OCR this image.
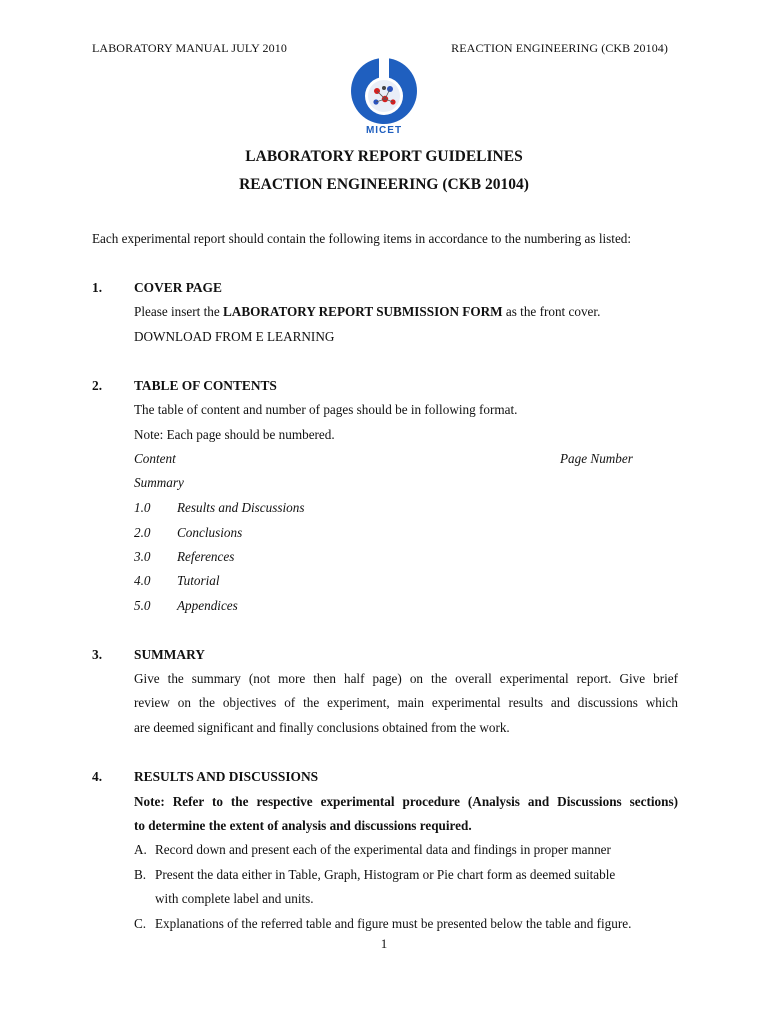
LABORATORY MANUAL JULY 2010	REACTION ENGINEERING (CKB 20104)
MICET
LABORATORY REPORT GUIDELINES
REACTION ENGINEERING (CKB 20104)
Each experimental report should contain the following items in accordance to the numbering as listed:
1. COVER PAGE
Please insert the LABORATORY REPORT SUBMISSION FORM as the front cover.
DOWNLOAD FROM E LEARNING
2. TABLE OF CONTENTS
The table of content and number of pages should be in following format.
Note: Each page should be numbered.
Content	Page Number
Summary
1.0 Results and Discussions
2.0 Conclusions
3.0 References
4.0 Tutorial
5.0 Appendices
3. SUMMARY
Give the summary (not more then half page) on the overall experimental report. Give brief
review on the objectives of the experiment, main experimental results and discussions which
are deemed significant and finally conclusions obtained from the work.
4. RESULTS AND DISCUSSIONS
Note: Refer to the respective experimental procedure (Analysis and Discussions sections)
to determine the extent of analysis and discussions required.
A. Record down and present each of the experimental data and findings in proper manner
B. Present the data either in Table, Graph, Histogram or Pie chart form as deemed suitable
with complete label and units.
C. Explanations of the referred table and figure must be presented below the table and figure.
1
